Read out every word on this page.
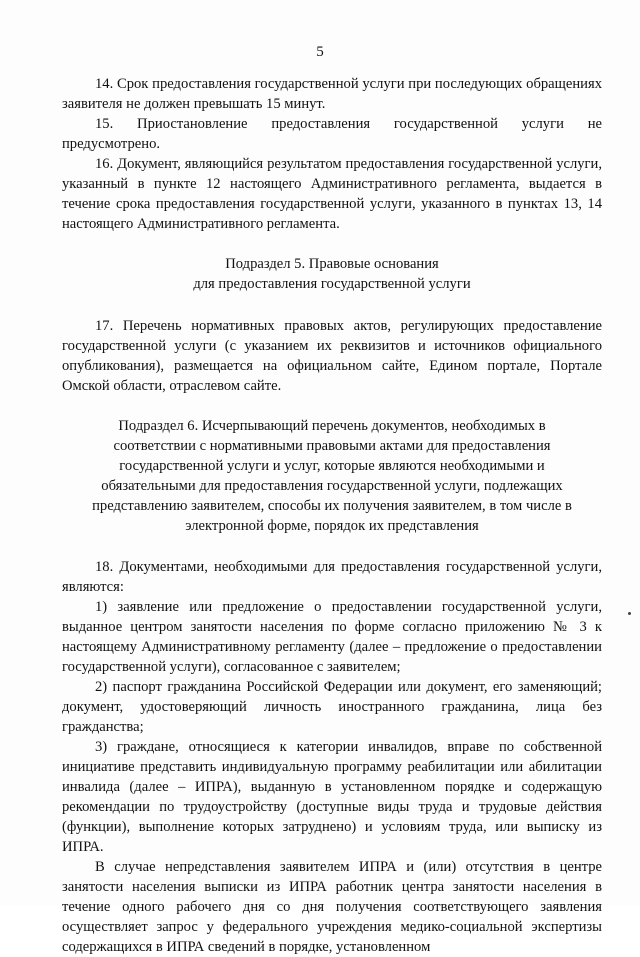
5

14. Срок предоставления государственной услуги при последующих обращениях заявителя не должен превышать 15 минут.

15. Приостановление предоставления государственной услуги не предусмотрено.

16. Документ, являющийся результатом предоставления государственной услуги, указанный в пункте 12 настоящего Административного регламента, выдается в течение срока предоставления государственной услуги, указанного в пунктах 13, 14 настоящего Административного регламента.

Подраздел 5. Правовые основания

для предоставления государственной услуги

17. Перечень нормативных правовых актов, регулирующих предоставление государственной услуги (с указанием их реквизитов и источников официального опубликования), размещается на официальном сайте, Едином портале, Портале Омской области, отраслевом сайте.

Подраздел 6. Исчерпывающий перечень документов, необходимых в

соответствии с нормативными правовыми актами для предоставления

государственной услуги и услуг, которые являются необходимыми и

обязательными для предоставления государственной услуги, подлежащих

представлению заявителем, способы их получения заявителем, в том числе в

электронной форме, порядок их представления

18. Документами, необходимыми для предоставления государственной услуги, являются:

1) заявление или предложение о предоставлении государственной услуги, выданное центром занятости населения по форме согласно приложению № 3 к настоящему Административному регламенту (далее – предложение о предоставлении государственной услуги), согласованное с заявителем;

2) паспорт гражданина Российской Федерации или документ, его заменяющий; документ, удостоверяющий личность иностранного гражданина, лица без гражданства;

3) граждане, относящиеся к категории инвалидов, вправе по собственной инициативе представить индивидуальную программу реабилитации или абилитации инвалида (далее – ИПРА), выданную в установленном порядке и содержащую рекомендации по трудоустройству (доступные виды труда и трудовые действия (функции), выполнение которых затруднено) и условиям труда, или выписку из ИПРА.

В случае непредставления заявителем ИПРА и (или) отсутствия в центре занятости населения выписки из ИПРА работник центра занятости населения в течение одного рабочего дня со дня получения соответствующего заявления осуществляет запрос у федерального учреждения медико-социальной экспертизы содержащихся в ИПРА сведений в порядке, установленном
